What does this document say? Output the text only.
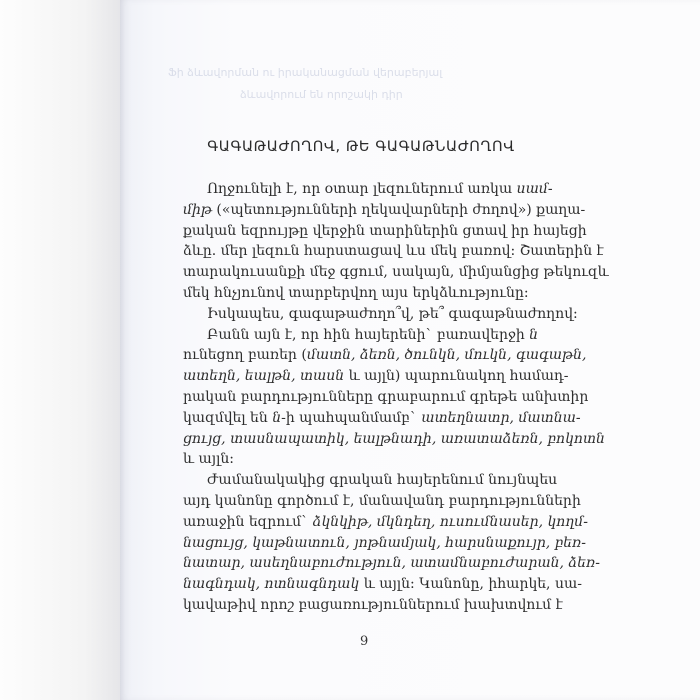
Ֆի ձևավորման ու իրականացման վերաբերյալ
ձևավորում են որոշակի դիր
ԳԱԳԱԹԱԺՈՂՈՎ, ԹԵ ԳԱԳԱԹՆԱԺՈՂՈՎ
Ողջունելի է, որ օտար լեզուներում առկա սամ-
միթ («պետությունների ղեկավարների ժողով») քաղա-
քական եզրույթը վերջին տարիներին ցտավ իր հայեցի
ձևը. մեր լեզուն հարստացավ ևս մեկ բառով: Շատերին է
տարակուսանքի մեջ գցում, սակայն, միմյանցից թեկուզև
մեկ հնչյունով տարբերվող այս երկձևությունը:
Իսկապես, գագաթաժողո՞վ, թե՞ գագաթնաժողով:
Բանն այն է, որ հին հայերենի` բառավերջի ն
ունեցող բառեր (մատն, ձեռն, ծունկն, մուկն, գագաթն,
ատեղն, եալթն, տասն և այլն) պարունակող համադ-
րական բարդությունները գրաբարում գրեթե անխտիր
կազմվել են ն-ի պահպանմամբ` ատեղնատր, մատնա-
ցույց, տասնապատիկ, եալթնադի, առատաձեռն, բոկոտն
և այլն:
Ժամանակակից գրական հայերենում նույնպես
այդ կանոնը գործում է, մանավանդ բարդությունների
առաջին եզրում` ձկնկիթ, մկնդեղ, ուսումնասեր, կողմ-
նացույց, կաթնատուն, յոթնամյակ, հարսնաքույր, բեռ-
նատար, ասեղնաբուժություն, ատամնաբուժարան, ձեռ-
նագնդակ, ոտնագնդակ և այլն: Կանոնը, իհարկե, սա-
կավաթիվ որոշ բացառություններում խախտվում է
9
